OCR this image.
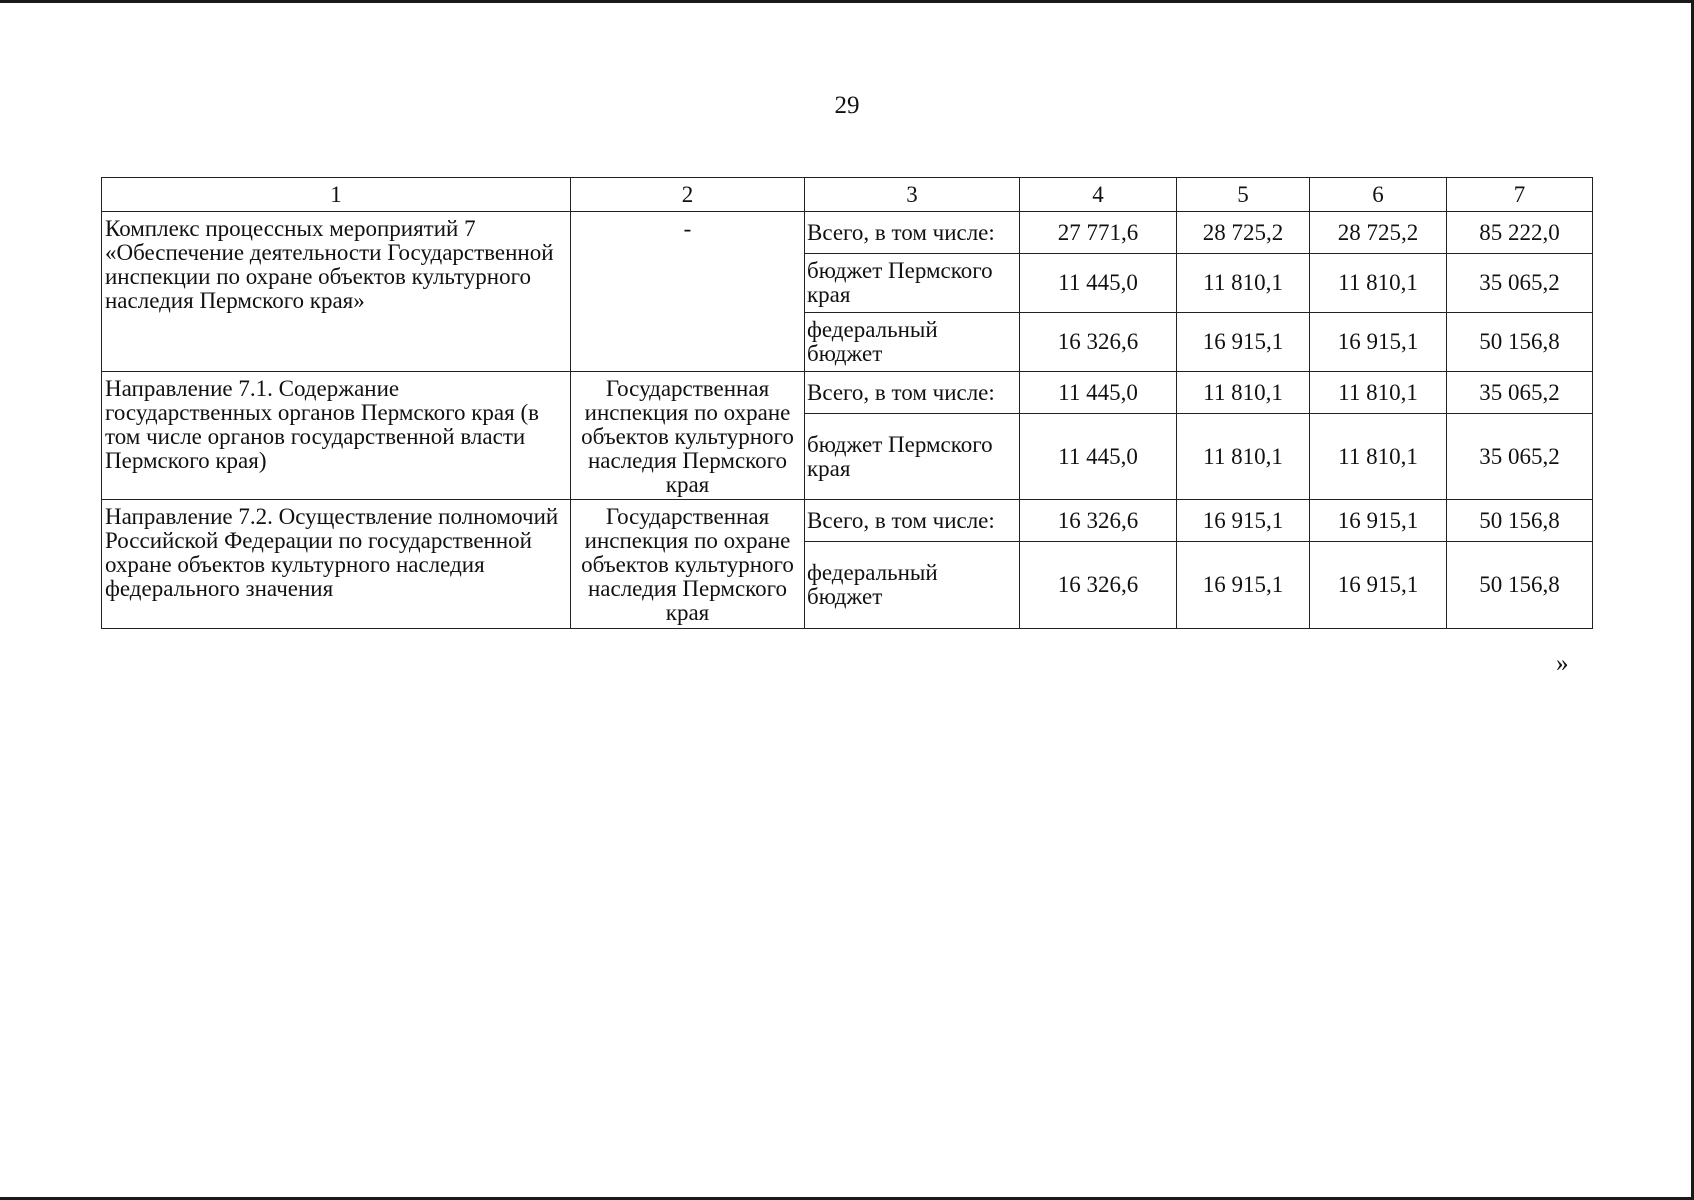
29
1	2	3	4	5	6	7
Комплекс процессных мероприятий 7 «Обеспечение деятельности Государственной инспекции по охране объектов культурного наследия Пермского края»	-	Всего, в том числе:	27 771,6	28 725,2	28 725,2	85 222,0
		бюджет Пермского края	11 445,0	11 810,1	11 810,1	35 065,2
		федеральный бюджет	16 326,6	16 915,1	16 915,1	50 156,8
Направление 7.1. Содержание государственных органов Пермского края (в том числе органов государственной власти Пермского края)	Государственная инспекция по охране объектов культурного наследия Пермского края	Всего, в том числе:	11 445,0	11 810,1	11 810,1	35 065,2
		бюджет Пермского края	11 445,0	11 810,1	11 810,1	35 065,2
Направление 7.2. Осуществление полномочий Российской Федерации по государственной охране объектов культурного наследия федерального значения	Государственная инспекция по охране объектов культурного наследия Пермского края	Всего, в том числе:	16 326,6	16 915,1	16 915,1	50 156,8
		федеральный бюджет	16 326,6	16 915,1	16 915,1	50 156,8
»
